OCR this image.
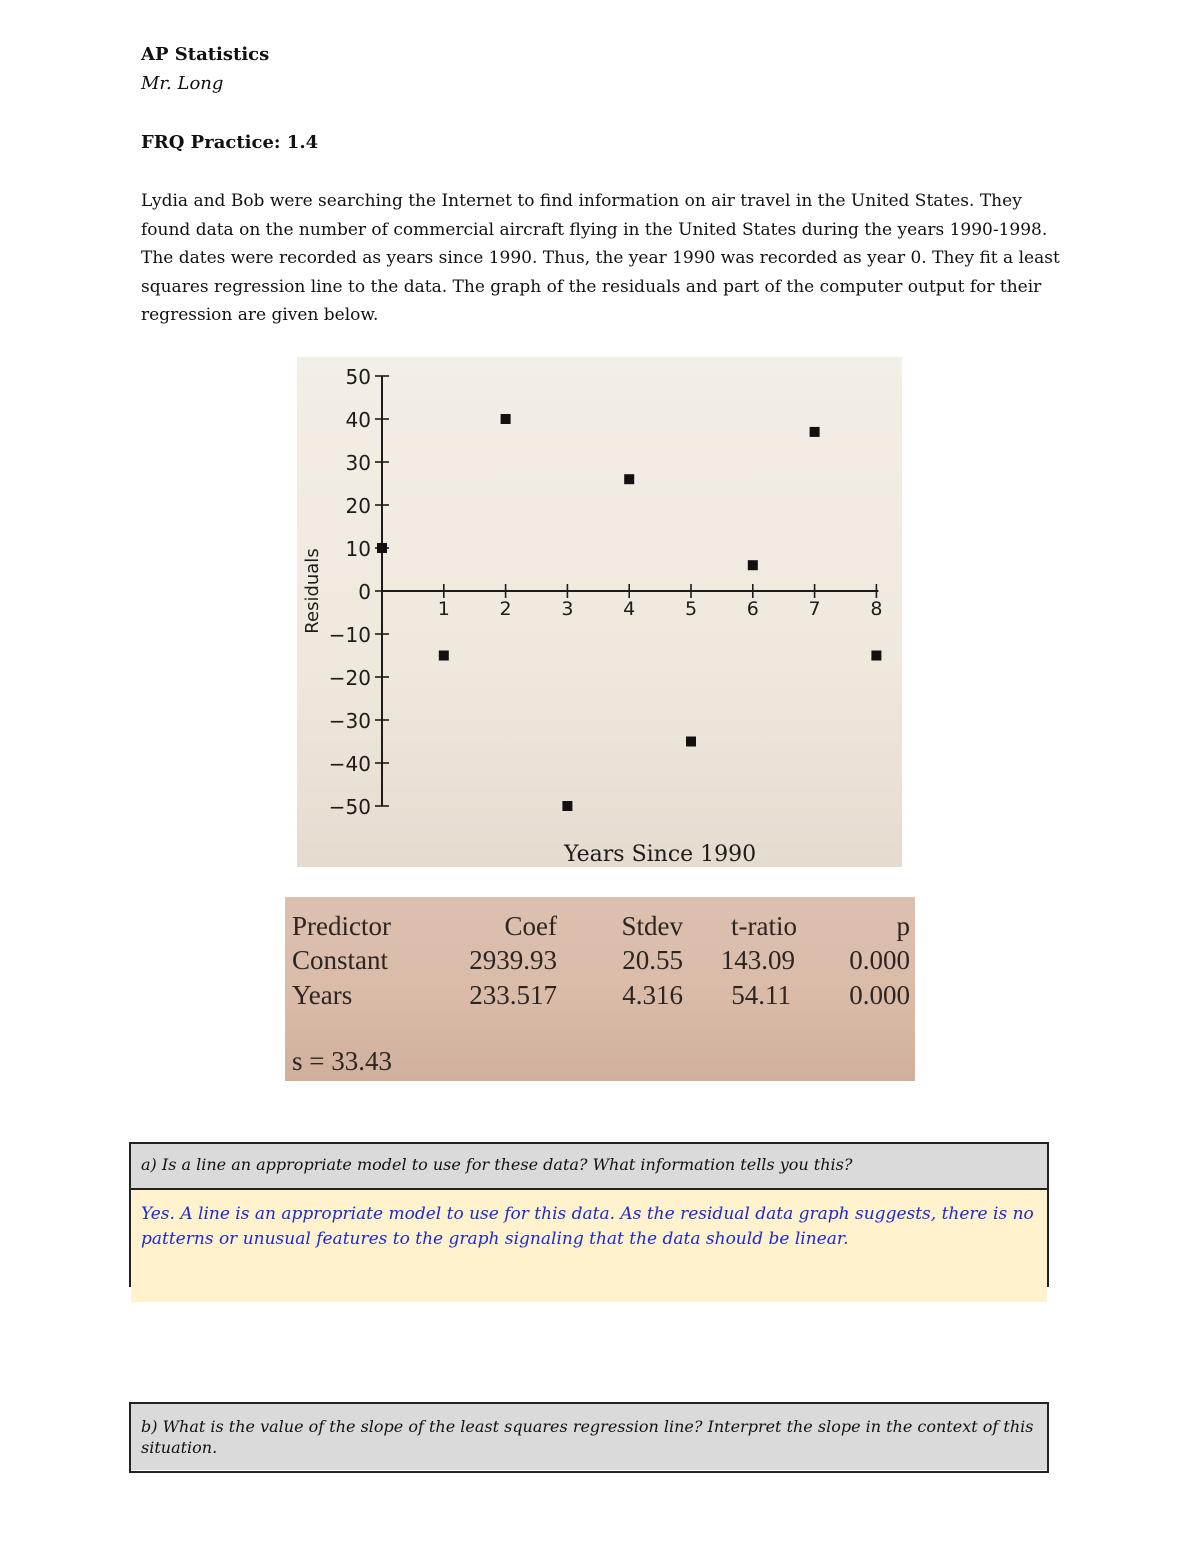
AP Statistics
Mr. Long
FRQ Practice: 1.4
Lydia and Bob were searching the Internet to find information on air travel in the United States. They found data on the number of commercial aircraft flying in the United States during the years 1990-1998. The dates were recorded as years since 1990. Thus, the year 1990 was recorded as year 0. They fit a least squares regression line to the data. The graph of the residuals and part of the computer output for their regression are given below.
50
40
30
20
10
0
−10
−20
−30
−40
−50
1	2	3	4	5	6	7	8
Residuals
Years Since 1990
Predictor	Coef	Stdev	t-ratio	p
Constant	2939.93	20.55	143.09	0.000
Years	233.517	4.316	54.11	0.000
s = 33.43
a) Is a line an appropriate model to use for these data? What information tells you this?
Yes. A line is an appropriate model to use for this data. As the residual data graph suggests, there is no patterns or unusual features to the graph signaling that the data should be linear.
b) What is the value of the slope of the least squares regression line? Interpret the slope in the context of this situation.
